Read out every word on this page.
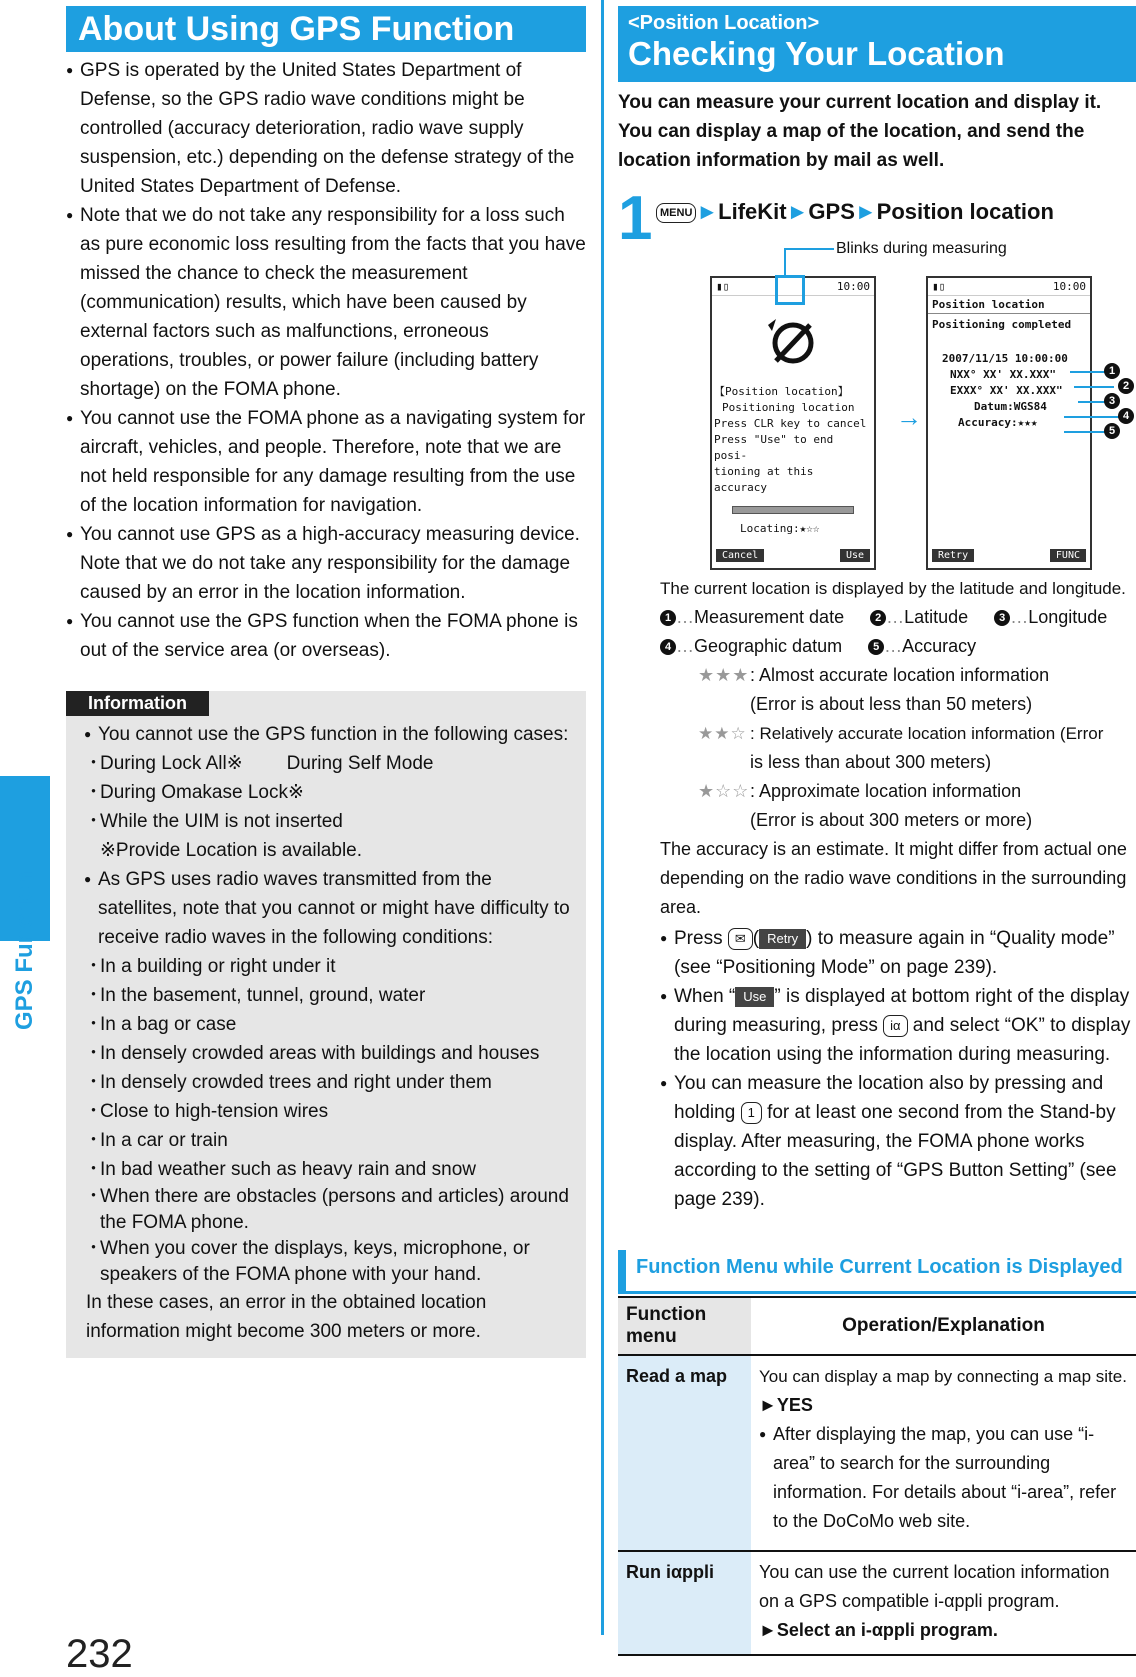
GPS Function
About Using GPS Function
● GPS is operated by the United States Department of Defense, so the GPS radio wave conditions might be controlled (accuracy deterioration, radio wave supply suspension, etc.) depending on the defense strategy of the United States Department of Defense.
● Note that we do not take any responsibility for a loss such as pure economic loss resulting from the facts that you have missed the chance to check the measurement (communication) results, which have been caused by external factors such as malfunctions, erroneous operations, troubles, or power failure (including battery shortage) on the FOMA phone.
● You cannot use the FOMA phone as a navigating system for aircraft, vehicles, and people. Therefore, note that we are not held responsible for any damage resulting from the use of the location information for navigation.
● You cannot use GPS as a high-accuracy measuring device. Note that we do not take any responsibility for the damage caused by an error in the location information.
● You cannot use the GPS function when the FOMA phone is out of the service area (or overseas).
Information

● You cannot use the GPS function in the following cases:

・ During Lock All※ During Self Mode
・ During Omakase Lock※
・ While the UIM is not inserted

※Provide Location is available.

● As GPS uses radio waves transmitted from the satellites, note that you cannot or might have difficulty to receive radio waves in the following conditions:

・ In a building or right under it
・ In the basement, tunnel, ground, water
・ In a bag or case
・ In densely crowded areas with buildings and houses
・ In densely crowded trees and right under them
・ Close to high-tension wires
・ In a car or train
・ In bad weather such as heavy rain and snow
・ When there are obstacles (persons and articles) around the FOMA phone.
・ When you cover the displays, keys, microphone, or speakers of the FOMA phone with your hand.

In these cases, an error in the obtained location information might become 300 meters or more.

<Position Location>
Checking Your Location

You can measure your current location and display it. You can display a map of the location, and send the location information by mail as well.

1 MENU ►LifeKit►GPS►Position location
Blinks during measuring
▮▯	10:00
【Position location】
Positioning location
Press CLR key to cancel
Press "Use" to end posi-
tioning at this accuracy
Locating:★☆☆
Cancel	Use
→
▮▯	10:00
Position location
Positioning completed
2007/11/15 10:00:00
NXX° XX' XX.XXX"
EXXX° XX' XX.XXX"
Datum:WGS84
Accuracy:★★★
Retry	FUNC
1
2
3
4
5

The current location is displayed by the latitude and longitude.

1 …Measurement date	2 …Latitude	3 …Longitude

4 …Geographic datum	5 …Accuracy

★★★: Almost accurate location information
(Error is about less than 50 meters)
★★☆ : Relatively accurate location information (Error
is less than about 300 meters)
★☆☆: Approximate location information
(Error is about 300 meters or more)

The accuracy is an estimate. It might differ from actual one depending on the radio wave conditions in the surrounding area.

● Press ✉ ( Retry ) to measure again in “Quality mode” (see “Positioning Mode” on page 239).
● When “ Use ” is displayed at bottom right of the display during measuring, press iα and select “OK” to display the location using the information during measuring.
● You can measure the location also by pressing and holding 1 for at least one second from the Stand-by display. After measuring, the FOMA phone works according to the setting of “GPS Button Setting” (see page 239).
Function Menu while Current Location is Displayed
Function menu	Operation/Explanation
Read a map	You can display a map by connecting a map site.
►YES
● After displaying the map, you can use “i-area” to search for the surrounding information. For details about “i-area”, refer to the DoCoMo web site.

Run iαppli	You can use the current location information on a GPS compatible i-αppli program.
►Select an i-αppli program.
232
